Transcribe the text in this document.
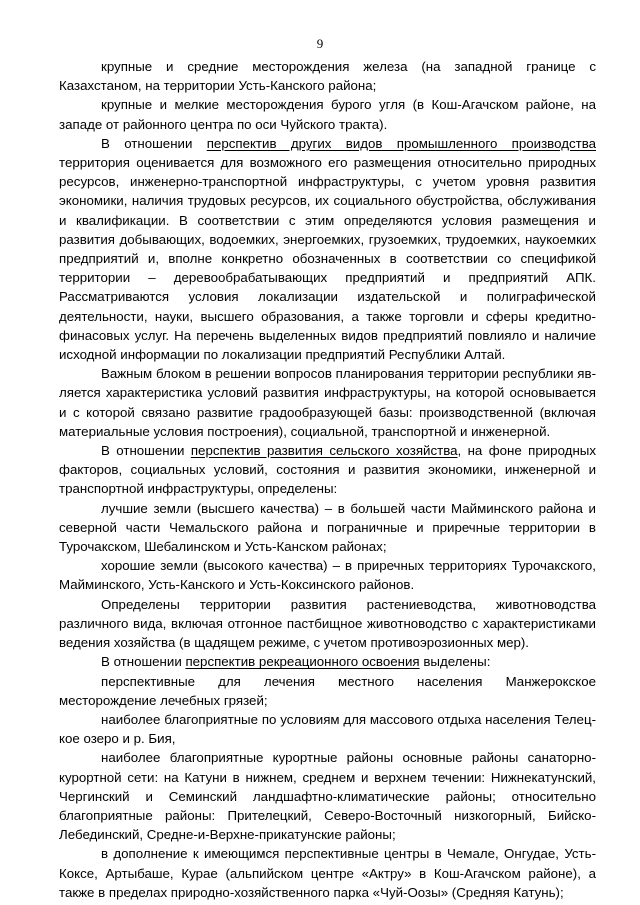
9

крупные и средние месторождения железа (на западной границе с Казахстаном, на территории Усть-Канского района;

крупные и мелкие месторождения бурого угля (в Кош-Агачском районе, на западе от районного центра по оси Чуйского тракта).

В отношении перспектив других видов промышленного производства территория оценивается для возможного его размещения относительно природных ресурсов, инженерно-транспортной инфраструктуры, с учетом уровня развития экономики, наличия трудовых ресурсов, их социального обустройства, обслуживания и квалификации. В соответствии с этим определяются условия размещения и развития добывающих, водоемких, энергоемких, грузоемких, трудоемких, наукоемких предприятий и, вполне конкретно обозначенных в соответствии со спецификой территории – деревообрабатывающих предприятий и предприятий АПК. Рассматриваются условия локализации издательской и полиграфической деятельности, науки, высшего образования, а также торговли и сферы кредитно-финасовых услуг. На перечень выделенных видов предприятий повлияло и наличие исходной информации по локализации предприятий Республики Алтай.

Важным блоком в решении вопросов планирования территории республики является характеристика условий развития инфраструктуры, на которой основывается и с которой связано развитие градообразующей базы: производственной (включая материальные условия построения), социальной, транспортной и инженерной.

В отношении перспектив развития сельского хозяйства, на фоне природных факторов, социальных условий, состояния и развития экономики, инженерной и транспортной инфраструктуры, определены:

лучшие земли (высшего качества) – в большей части Майминского района и северной части Чемальского района и пограничные и приречные территории в Турочакском, Шебалинском и Усть-Канском районах;

хорошие земли (высокого качества) – в приречных территориях Турочакского, Майминского, Усть-Канского и Усть-Коксинского районов.

Определены территории развития растениеводства, животноводства различного вида, включая отгонное пастбищное животноводство с характеристиками ведения хозяйства (в щадящем режиме, с учетом противоэрозионных мер).

В отношении перспектив рекреационного освоения выделены:

перспективные для лечения местного населения Манжерокское месторождение лечебных грязей;

наиболее благоприятные по условиям для массового отдыха населения Телецкое озеро и р. Бия,

наиболее благоприятные курортные районы основные районы санаторно-курортной сети: на Катуни в нижнем, среднем и верхнем течении: Нижнекатунский, Чергинский и Семинский ландшафтно-климатические районы; относительно благоприятные районы: Прителецкий, Северо-Восточный низкогорный, Бийско-Лебединский, Средне-и-Верхне-прикатунские районы;

в дополнение к имеющимся перспективные центры в Чемале, Онгудае, Усть-Коксе, Артыбаше, Курае (альпийском центре «Актру» в Кош-Агачском районе), а также в пределах природно-хозяйственного парка «Чуй-Оозы» (Средняя Катунь);
